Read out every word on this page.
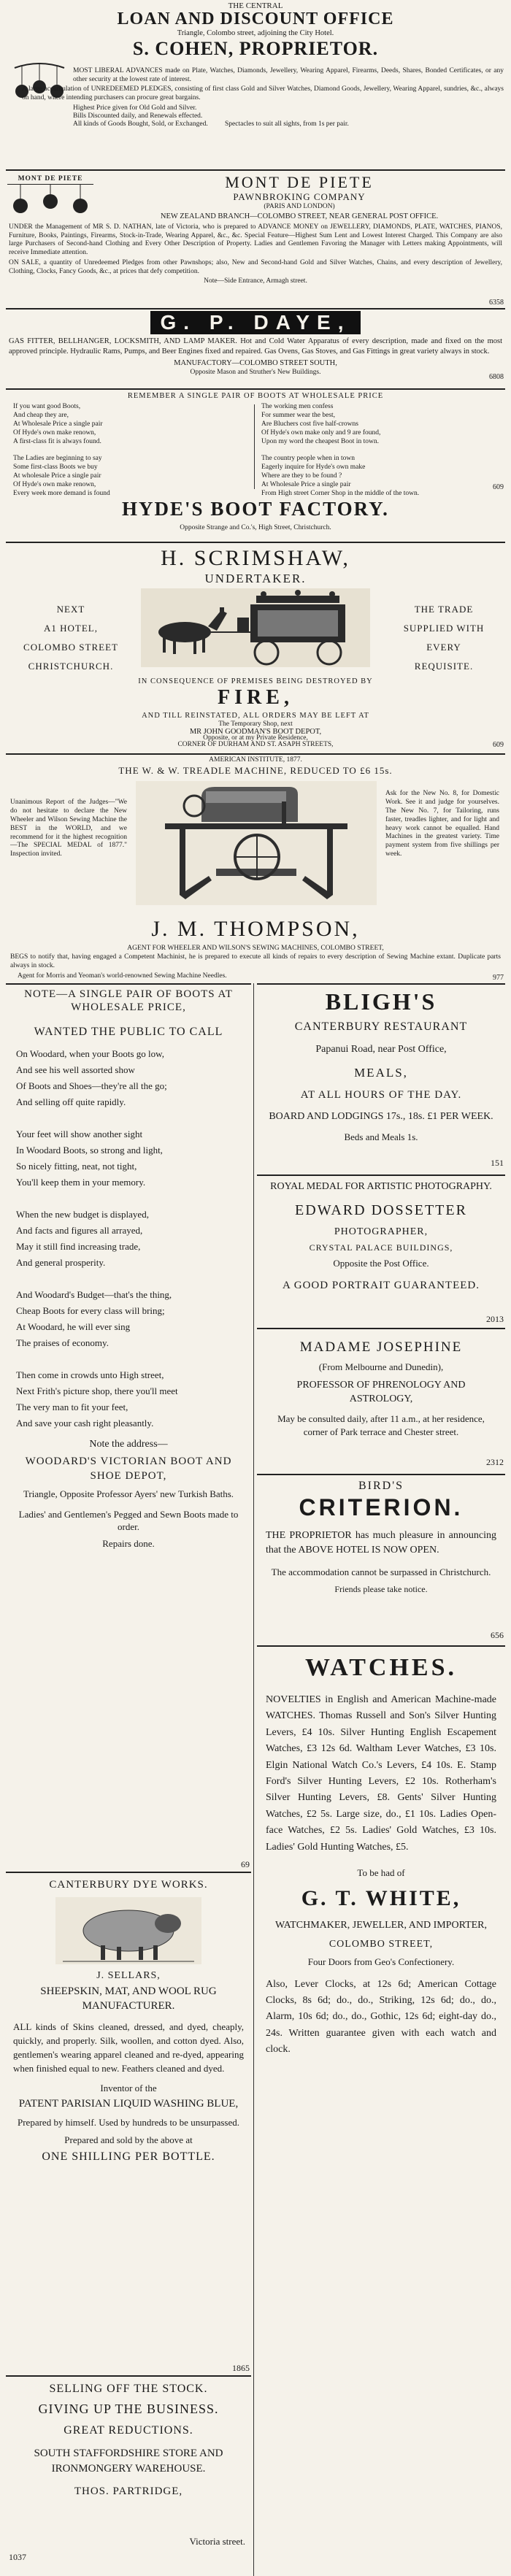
THE CENTRAL
LOAN AND DISCOUNT OFFICE
Triangle, Colombo street, adjoining the City Hotel.
S. COHEN, PROPRIETOR.
MOST LIBERAL ADVANCES made on Plate, Watches, Diamonds, Jewellery, Wearing Apparel, Firearms, Deeds, Shares, Bonded Certificates, or any other security at the lowest rate of interest.
A large accumulation of UNREDEEMED PLEDGES, consisting of first class Gold and Silver Watches, Diamond Goods, Jewellery, Wearing Apparel, sundries, &c., always on hand, where intending purchasers can procure great bargains.
Highest Price given for Old Gold and Silver.
Bills Discounted daily, and Renewals effected.
All kinds of Goods Bought, Sold, or Exchanged. Spectacles to suit all sights, from 1s per pair.
MONT DE PIETE	MONT DE PIETE
PAWNBROKING COMPANY
(PARIS AND LONDON)
NEW ZEALAND BRANCH—COLOMBO STREET, NEAR GENERAL POST OFFICE.
UNDER the Management of MR S. D. NATHAN, late of Victoria, who is prepared to ADVANCE MONEY on JEWELLERY, DIAMONDS, PLATE, WATCHES, PIANOS, Furniture, Books, Paintings, Firearms, Stock-in-Trade, Wearing Apparel, &c., &c. Special Feature—Highest Sum Lent and Lowest Interest Charged. This Company are also large Purchasers of Second-hand Clothing and Every Other Description of Property. Ladies and Gentlemen Favoring the Manager with Letters making Appointments, will receive Immediate attention.
ON SALE, a quantity of Unredeemed Pledges from other Pawnshops; also, New and Second-hand Gold and Silver Watches, Chains, and every description of Jewellery, Clothing, Clocks, Fancy Goods, &c., at prices that defy competition.
Note—Side Entrance, Armagh street.
6358
G. P. DAYE,
GAS FITTER, BELLHANGER, LOCKSMITH, AND LAMP MAKER. Hot and Cold Water Apparatus of every description, made and fixed on the most approved principle. Hydraulic Rams, Pumps, and Beer Engines fixed and repaired. Gas Ovens, Gas Stoves, and Gas Fittings in great variety always in stock.
MANUFACTORY—COLOMBO STREET SOUTH,
Opposite Mason and Struther's New Buildings.
6808
REMEMBER A SINGLE PAIR OF BOOTS AT WHOLESALE PRICE
If you want good Boots,
And cheap they are,
At Wholesale Price a single pair
Of Hyde's own make renown,
A first-class fit is always found.

The Ladies are beginning to say
Some first-class Boots we buy
At wholesale Price a single pair
Of Hyde's own make renown,
Every week more demand is found
The working men confess
For summer wear the best,
Are Bluchers cost five half-crowns
Of Hyde's own make only and 9 are found,
Upon my word the cheapest Boot in town.

The country people when in town
Eagerly inquire for Hyde's own make
Where are they to be found ?
At Wholesale Price a single pair
From High street Corner Shop in the middle of the town.
609
HYDE'S BOOT FACTORY.
Opposite Strange and Co.'s, High Street, Christchurch.
H. SCRIMSHAW,
UNDERTAKER.
NEXT
A1 HOTEL,
COLOMBO STREET
CHRISTCHURCH.
THE TRADE
SUPPLIED WITH
EVERY
REQUISITE.
IN CONSEQUENCE OF PREMISES BEING DESTROYED BY
FIRE,
AND TILL REINSTATED, ALL ORDERS MAY BE LEFT AT
The Temporary Shop, next
MR JOHN GOODMAN'S BOOT DEPOT,
Opposite, or at my Private Residence,
CORNER OF DURHAM AND ST. ASAPH STREETS,	609
AMERICAN INSTITUTE, 1877.
THE W. & W. TREADLE MACHINE, REDUCED TO £6 15s.
Unanimous Report of the Judges—"We do not hesitate to declare the New Wheeler and Wilson Sewing Machine the BEST in the WORLD, and we recommend for it the highest recognition—The SPECIAL MEDAL of 1877." Inspection invited.
Ask for the New No. 8, for Domestic Work. See it and judge for yourselves. The New No. 7, for Tailoring, runs faster, treadles lighter, and for light and heavy work cannot be equalled. Hand Machines in the greatest variety. Time payment system from five shillings per week.
J. M. THOMPSON,
AGENT FOR WHEELER AND WILSON'S SEWING MACHINES, COLOMBO STREET,
BEGS to notify that, having engaged a Competent Machinist, he is prepared to execute all kinds of repairs to every description of Sewing Machine extant. Duplicate parts always in stock.
Agent for Morris and Yeoman's world-renowned Sewing Machine Needles.	977
NOTE—A SINGLE PAIR OF BOOTS AT WHOLESALE PRICE,
WANTED THE PUBLIC TO CALL
On Woodard, when your Boots go low,
And see his well assorted show
Of Boots and Shoes—they're all the go;
And selling off quite rapidly.

Your feet will show another sight
In Woodard Boots, so strong and light,
So nicely fitting, neat, not tight,
You'll keep them in your memory.

When the new budget is displayed,
And facts and figures all arrayed,
May it still find increasing trade,
And general prosperity.

And Woodard's Budget—that's the thing,
Cheap Boots for every class will bring;
At Woodard, he will ever sing
The praises of economy.

Then come in crowds unto High street,
Next Frith's picture shop, there you'll meet
The very man to fit your feet,
And save your cash right pleasantly.
Note the address—
WOODARD'S VICTORIAN BOOT AND SHOE DEPOT,
Triangle, Opposite Professor Ayers' new Turkish Baths.
Ladies' and Gentlemen's Pegged and Sewn Boots made to order.
Repairs done.
69
CANTERBURY DYE WORKS.
J. SELLARS,
SHEEPSKIN, MAT, AND WOOL RUG MANUFACTURER.
ALL kinds of Skins cleaned, dressed, and dyed, cheaply, quickly, and properly. Silk, woollen, and cotton dyed. Also, gentlemen's wearing apparel cleaned and re-dyed, appearing when finished equal to new. Feathers cleaned and dyed.
Inventor of the
PATENT PARISIAN LIQUID WASHING BLUE,
Prepared by himself. Used by hundreds to be unsurpassed.
Prepared and sold by the above at
ONE SHILLING PER BOTTLE.
1865
SELLING OFF THE STOCK.
GIVING UP THE BUSINESS.
GREAT REDUCTIONS.
SOUTH STAFFORDSHIRE STORE AND IRONMONGERY WAREHOUSE.
THOS. PARTRIDGE,
Victoria street.
1037
BLIGH'S
CANTERBURY RESTAURANT
Papanui Road, near Post Office,
MEALS,
AT ALL HOURS OF THE DAY.
BOARD AND LODGINGS 17s., 18s. £1 PER WEEK.
Beds and Meals 1s.
151
ROYAL MEDAL FOR ARTISTIC PHOTOGRAPHY.
EDWARD DOSSETTER
PHOTOGRAPHER,
CRYSTAL PALACE BUILDINGS,
Opposite the Post Office.
A GOOD PORTRAIT GUARANTEED.
2013
MADAME JOSEPHINE
(From Melbourne and Dunedin),
PROFESSOR OF PHRENOLOGY AND ASTROLOGY,
May be consulted daily, after 11 a.m., at her residence, corner of Park terrace and Chester street.
2312
BIRD'S
CRITERION.
THE PROPRIETOR has much pleasure in announcing that the ABOVE HOTEL IS NOW OPEN.
The accommodation cannot be surpassed in Christchurch.
Friends please take notice.
656
WATCHES.
NOVELTIES in English and American Machine-made WATCHES. Thomas Russell and Son's Silver Hunting Levers, £4 10s. Silver Hunting English Escapement Watches, £3 12s 6d. Waltham Lever Watches, £3 10s. Elgin National Watch Co.'s Levers, £4 10s. E. Stamp Ford's Silver Hunting Levers, £2 10s. Rotherham's Silver Hunting Levers, £8. Gents' Silver Hunting Watches, £2 5s. Large size, do., £1 10s. Ladies Open-face Watches, £2 5s. Ladies' Gold Watches, £3 10s. Ladies' Gold Hunting Watches, £5.
To be had of
G. T. WHITE,
WATCHMAKER, JEWELLER, AND IMPORTER,
COLOMBO STREET,
Four Doors from Geo's Confectionery.
Also, Lever Clocks, at 12s 6d; American Cottage Clocks, 8s 6d; do., do., Striking, 12s 6d; do., do., Alarm, 10s 6d; do., do., Gothic, 12s 6d; eight-day do., 24s. Written guarantee given with each watch and clock.
